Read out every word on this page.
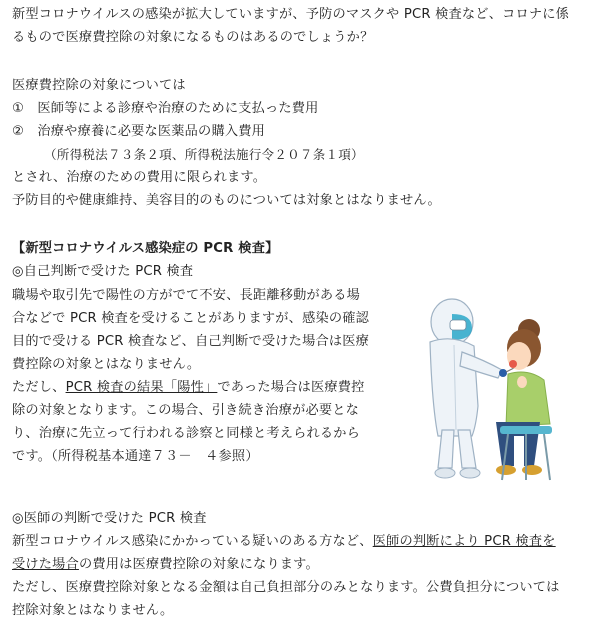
新型コロナウイルスの感染が拡大していますが、予防のマスクや PCR 検査など、コロナに係
るもので医療費控除の対象になるものはあるのでしょうか？
医療費控除の対象については
①　医師等による診療や治療のために支払った費用
②　治療や療養に必要な医薬品の購入費用
（所得税法７３条２項、所得税法施行令２０７条１項）
とされ、治療のための費用に限られます。
予防目的や健康維持、美容目的のものについては対象とはなりません。
【新型コロナウイルス感染症の PCR 検査】
◎自己判断で受けた PCR 検査
職場や取引先で陽性の方がでて不安、長距離移動がある場
合などで PCR 検査を受けることがありますが、感染の確認
目的で受ける PCR 検査など、自己判断で受けた場合は医療
費控除の対象とはなりません。
ただし、PCR 検査の結果「陽性」であった場合は医療費控
除の対象となります。この場合、引き続き治療が必要とな
り、治療に先立って行われる診察と同様と考えられるから
です。（所得税基本通達７３－　４参照）
◎医師の判断で受けた PCR 検査
新型コロナウイルス感染にかかっている疑いのある方など、医師の判断により PCR 検査を
受けた場合の費用は医療費控除の対象になります。
ただし、医療費控除対象となる金額は自己負担部分のみとなります。公費負担分については
控除対象とはなりません。
